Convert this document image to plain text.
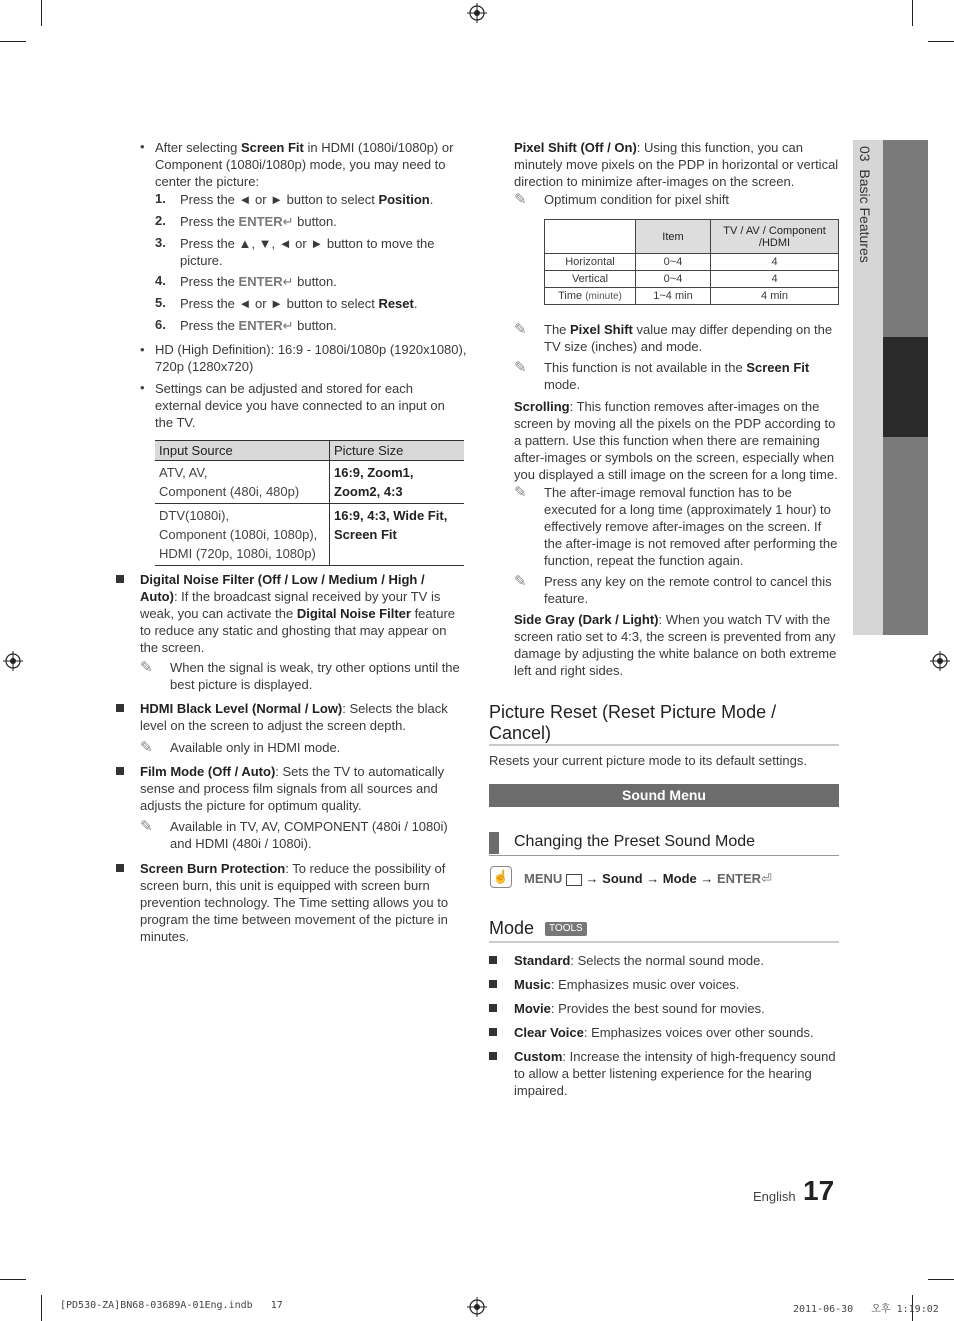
03  Basic Features
• After selecting Screen Fit in HDMI (1080i/1080p) or Component (1080i/1080p) mode, you may need to center the picture:
1. Press the ◄ or ► button to select Position.
2. Press the ENTER↵ button.
3. Press the ▲, ▼, ◄ or ► button to move the picture.
4. Press the ENTER↵ button.
5. Press the ◄ or ► button to select Reset.
6. Press the ENTER↵ button.
• HD (High Definition): 16:9 - 1080i/1080p (1920x1080), 720p (1280x720)
• Settings can be adjusted and stored for each external device you have connected to an input on the TV.
Input Source	Picture Size
ATV, AV,
Component (480i, 480p)	16:9, Zoom1, Zoom2, 4:3
DTV(1080i),
Component (1080i, 1080p),
HDMI (720p, 1080i, 1080p)	16:9, 4:3, Wide Fit, Screen Fit
Digital Noise Filter (Off / Low / Medium / High / Auto): If the broadcast signal received by your TV is weak, you can activate the Digital Noise Filter feature to reduce any static and ghosting that may appear on the screen.
✎ When the signal is weak, try other options until the best picture is displayed.
HDMI Black Level (Normal / Low): Selects the black level on the screen to adjust the screen depth.
✎ Available only in HDMI mode.
Film Mode (Off / Auto): Sets the TV to automatically sense and process film signals from all sources and adjusts the picture for optimum quality.
✎ Available in TV, AV, COMPONENT (480i / 1080i) and HDMI (480i / 1080i).
Screen Burn Protection: To reduce the possibility of screen burn, this unit is equipped with screen burn prevention technology. The Time setting allows you to program the time between movement of the picture in minutes.
Pixel Shift (Off / On): Using this function, you can minutely move pixels on the PDP in horizontal or vertical direction to minimize after-images on the screen.
✎ Optimum condition for pixel shift
	Item	TV / AV / Component /HDMI
Horizontal	0~4	4
Vertical	0~4	4
Time (minute)	1~4 min	4 min
✎ The Pixel Shift value may differ depending on the TV size (inches) and mode.
✎ This function is not available in the Screen Fit mode.
Scrolling: This function removes after-images on the screen by moving all the pixels on the PDP according to a pattern. Use this function when there are remaining after-images or symbols on the screen, especially when you displayed a still image on the screen for a long time.
✎ The after-image removal function has to be executed for a long time (approximately 1 hour) to effectively remove after-images on the screen. If the after-image is not removed after performing the function, repeat the function again.
✎ Press any key on the remote control to cancel this feature.
Side Gray (Dark / Light): When you watch TV with the screen ratio set to 4:3, the screen is prevented from any damage by adjusting the white balance on both extreme left and right sides.
Picture Reset (Reset Picture Mode / Cancel)
Resets your current picture mode to its default settings.
Sound Menu
Changing the Preset Sound Mode
☝ MENU → Sound → Mode → ENTER⏎
Mode	TOOLS
Standard: Selects the normal sound mode.
Music: Emphasizes music over voices.
Movie: Provides the best sound for movies.
Clear Voice: Emphasizes voices over other sounds.
Custom: Increase the intensity of high-frequency sound to allow a better listening experience for the hearing impaired.
English 17
[PD530-ZA]BN68-03689A-01Eng.indb   17	2011-06-30   오후 1:19:02
